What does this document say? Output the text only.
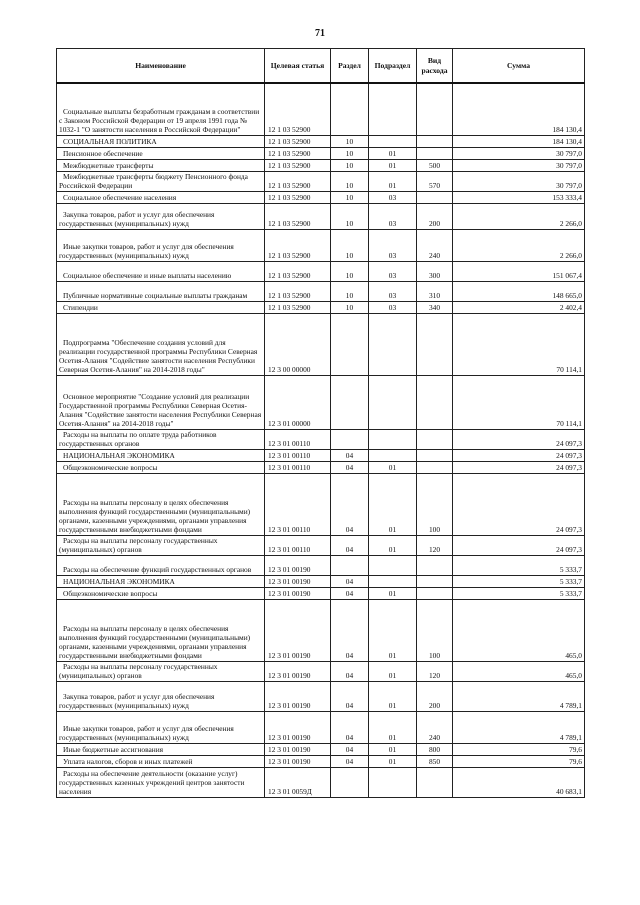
71
Наименование	Целевая статья	Раздел	Подраздел	Вид расхода	Сумма
Социальные выплаты безработным гражданам в соответствии с Законом Российской Федерации от 19 апреля 1991 года № 1032-1 "О занятости населения в Российской Федерации"	12 1 03 52900				184 130,4
СОЦИАЛЬНАЯ ПОЛИТИКА	12 1 03 52900	10			184 130,4
Пенсионное обеспечение	12 1 03 52900	10	01		30 797,0
Межбюджетные трансферты	12 1 03 52900	10	01	500	30 797,0
Межбюджетные трансферты бюджету Пенсионного фонда Российской Федерации	12 1 03 52900	10	01	570	30 797,0
Социальное обеспечение населения	12 1 03 52900	10	03		153 333,4
Закупка товаров, работ и услуг для обеспечения государственных (муниципальных) нужд	12 1 03 52900	10	03	200	2 266,0
Иные закупки товаров, работ и услуг для обеспечения государственных (муниципальных) нужд	12 1 03 52900	10	03	240	2 266,0
Социальное обеспечение и иные выплаты населению	12 1 03 52900	10	03	300	151 067,4
Публичные нормативные социальные выплаты гражданам	12 1 03 52900	10	03	310	148 665,0
Стипендии	12 1 03 52900	10	03	340	2 402,4
Подпрограмма "Обеспечение создания условий для реализации государственной программы Республики Северная Осетия-Алания "Содействие занятости населения Республики Северная Осетия-Алания" на 2014-2018 годы"	12 3 00 00000				70 114,1
Основное мероприятие "Создание условий для реализации Государственной программы Республики Северная Осетия-Алания "Содействие занятости населения Республики Северная Осетия-Алания" на 2014-2018 годы"	12 3 01 00000				70 114,1
Расходы на выплаты по оплате труда работников государственных органов	12 3 01 00110				24 097,3
НАЦИОНАЛЬНАЯ ЭКОНОМИКА	12 3 01 00110	04			24 097,3
Общеэкономические вопросы	12 3 01 00110	04	01		24 097,3
Расходы на выплаты персоналу в целях обеспечения выполнения функций государственными (муниципальными) органами, казенными учреждениями, органами управления государственными внебюджетными фондами	12 3 01 00110	04	01	100	24 097,3
Расходы на выплаты персоналу государственных (муниципальных) органов	12 3 01 00110	04	01	120	24 097,3
Расходы на обеспечение функций государственных органов	12 3 01 00190				5 333,7
НАЦИОНАЛЬНАЯ ЭКОНОМИКА	12 3 01 00190	04			5 333,7
Общеэкономические вопросы	12 3 01 00190	04	01		5 333,7
Расходы на выплаты персоналу в целях обеспечения выполнения функций государственными (муниципальными) органами, казенными учреждениями, органами управления государственными внебюджетными фондами	12 3 01 00190	04	01	100	465,0
Расходы на выплаты персоналу государственных (муниципальных) органов	12 3 01 00190	04	01	120	465,0
Закупка товаров, работ и услуг для обеспечения государственных (муниципальных) нужд	12 3 01 00190	04	01	200	4 789,1
Иные закупки товаров, работ и услуг для обеспечения государственных (муниципальных) нужд	12 3 01 00190	04	01	240	4 789,1
Иные бюджетные ассигнования	12 3 01 00190	04	01	800	79,6
Уплата налогов, сборов и иных платежей	12 3 01 00190	04	01	850	79,6
Расходы на обеспечение деятельности (оказание услуг) государственных казенных учреждений центров занятости населения	12 3 01 0059Д				40 683,1
